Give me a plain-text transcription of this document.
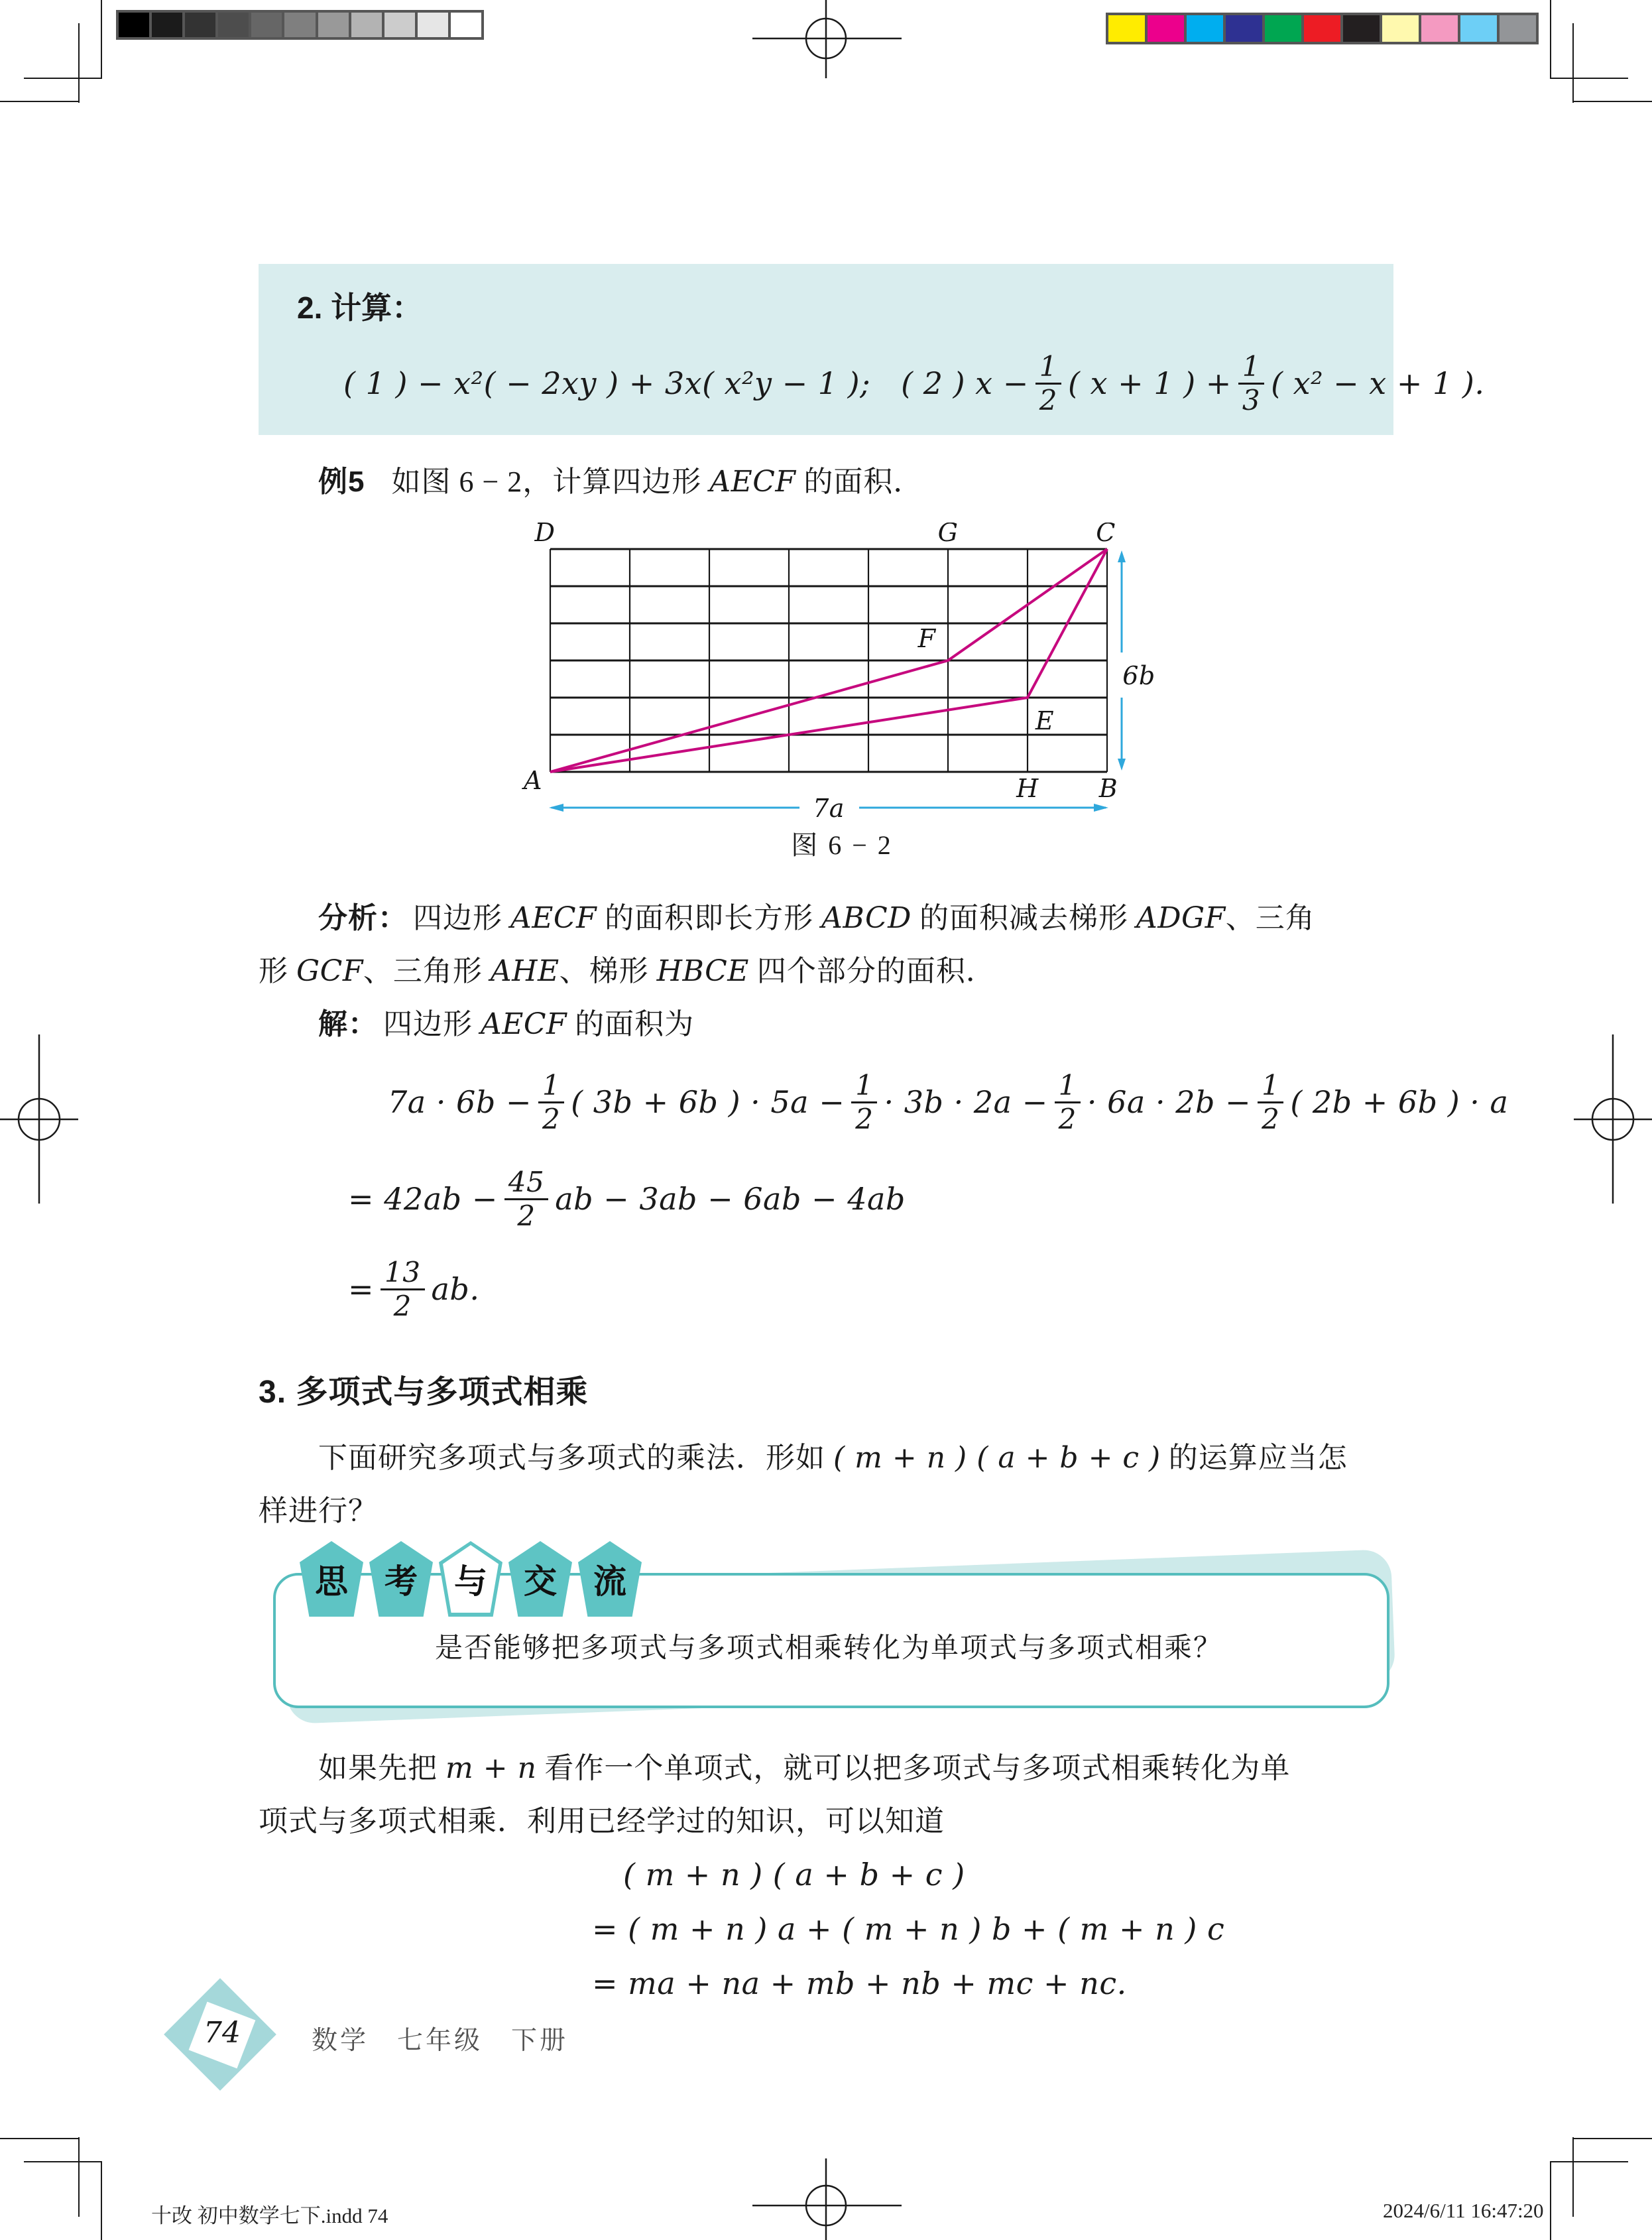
2. 计算：
( 1 ) − x²( − 2xy ) + 3x( x²y − 1 ); ( 2 ) $x - \frac{1}{2}$ ( x + 1 ) + $\frac{1}{3}$ ( x² − x + 1 ).
例5 如图 6 − 2，计算四边形 AECF 的面积．
6b
7a
D	G	C
A	H B
F
E
图 6 − 2
分析： 四边形 AECF 的面积即长方形 ABCD 的面积减去梯形 ADGF、三角
形 GCF、三角形 AHE、梯形 HBCE 四个部分的面积．
解： 四边形 AECF 的面积为
$7a \cdot 6b - \frac{1}{2}$ ( 3b + 6b ) · $5a - \frac{1}{2} \cdot 3b \cdot 2a - \frac{1}{2} \cdot 6a \cdot 2b - \frac{1}{2}$ ( 2b + 6b ) · a
= $42ab - \frac{45}{2}$ ab − 3ab − 6ab − 4ab
= $\frac{13}{2}$ ab.
3. 多项式与多项式相乘
下面研究多项式与多项式的乘法．形如 ( m + n ) ( a + b + c ) 的运算应当怎
样进行？
思	考	与	交	流
是否能够把多项式与多项式相乘转化为单项式与多项式相乘？
如果先把 m + n 看作一个单项式，就可以把多项式与多项式相乘转化为单
项式与多项式相乘．利用已经学过的知识，可以知道
( m + n ) ( a + b + c )
= ( m + n ) a + ( m + n ) b + ( m + n ) c
= ma + na + mb + nb + mc + nc.
74	数学　七年级　下册
十改 初中数学七下.indd 74	2024/6/11 16:47:20
